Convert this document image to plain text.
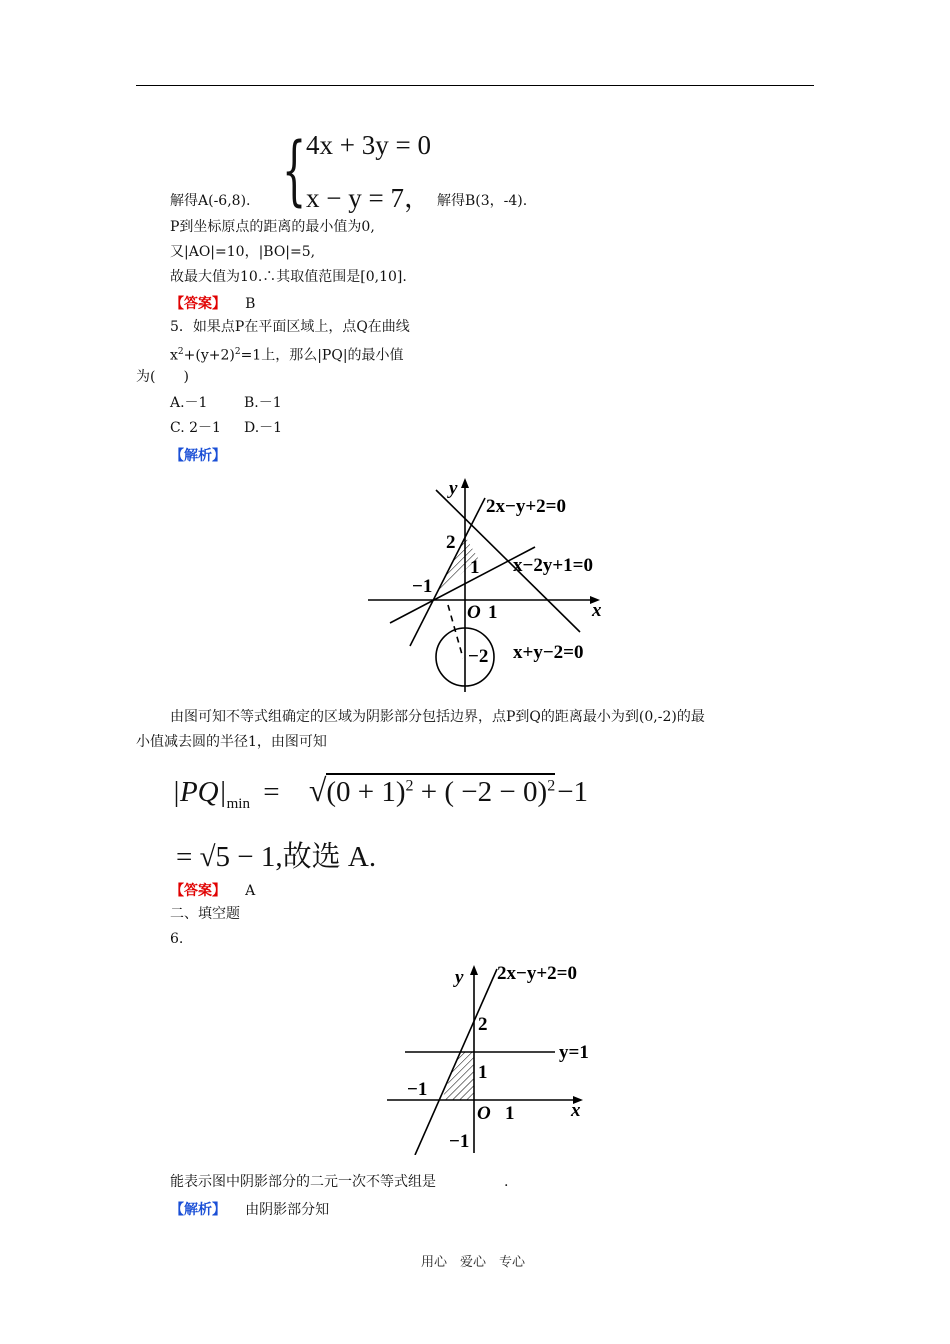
{ 4x + 3y = 0
x − y = 7，
解得A(-6,8).	解得B(3，-4).
P到坐标原点的距离的最小值为0,
又|AO|=10，|BO|=5,
故最大值为10.∴其取值范围是[0,10].
【答案】 B
5．如果点P在平面区域上，点Q在曲线
$x^2+(y+2)^2=1$上，那么|PQ|的最小值
为(　　)
A.－1	B.－1
C. 2－1 D.－1
【解析】
y
x
O 1
2
−1
1
−2
2x−y+2=0
x−2y+1=0
x+y−2=0
由图可知不等式组确定的区域为阴影部分包括边界，点P到Q的距离最小为到(0,-2)的最
小值减去圆的半径1，由图可知
$|PQ|_{min} = √(0 + 1)^2$ + ( −2 − 0)$^2$−1
= √5 − 1,故选 A.
【答案】 A
二、填空题
6.
y
x
O 1
2
1
−1
−1
2x−y+2=0
y=1
能表示图中阴影部分的二元一次不等式组是	.
【解析】 由阴影部分知
用心　爱心　专心
